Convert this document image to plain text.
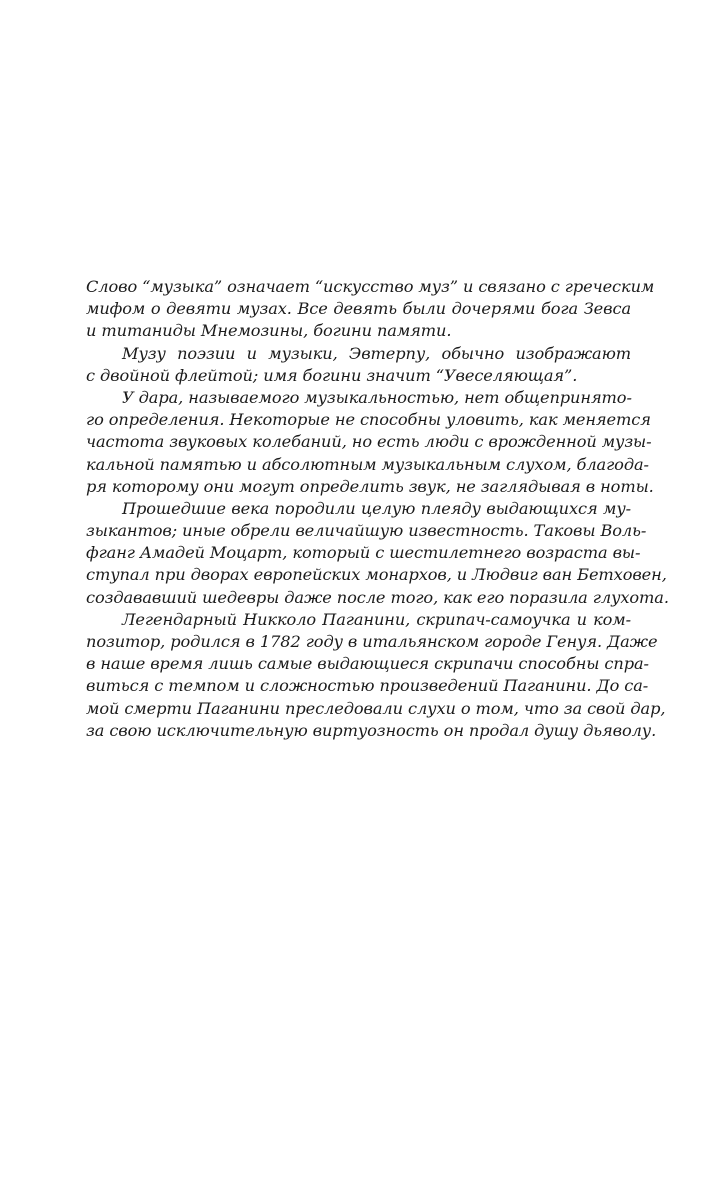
Слово “музыка” означает “искусство муз” и связано с греческим
мифом о девяти музах. Все девять были дочерями бога Зевса
и титаниды Мнемозины, богини памяти.
Музу поэзии и музыки, Эвтерпу, обычно изображают
с двойной флейтой; имя богини значит “Увеселяющая”.
У дара, называемого музыкальностью, нет общепринято-
го определения. Некоторые не способны уловить, как меняется
частота звуковых колебаний, но есть люди с врожденной музы-
кальной памятью и абсолютным музыкальным слухом, благода-
ря которому они могут определить звук, не заглядывая в ноты.
Прошедшие века породили целую плеяду выдающихся му-
зыкантов; иные обрели величайшую известность. Таковы Воль-
фганг Амадей Моцарт, который с шестилетнего возраста вы-
ступал при дворах европейских монархов, и Людвиг ван Бетховен,
создававший шедевры даже после того, как его поразила глухота.
Легендарный Никколо Паганини, скрипач-самоучка и ком-
позитор, родился в 1782 году в итальянском городе Генуя. Даже
в наше время лишь самые выдающиеся скрипачи способны спра-
виться с темпом и сложностью произведений Паганини. До са-
мой смерти Паганини преследовали слухи о том, что за свой дар,
за свою исключительную виртуозность он продал душу дьяволу.
